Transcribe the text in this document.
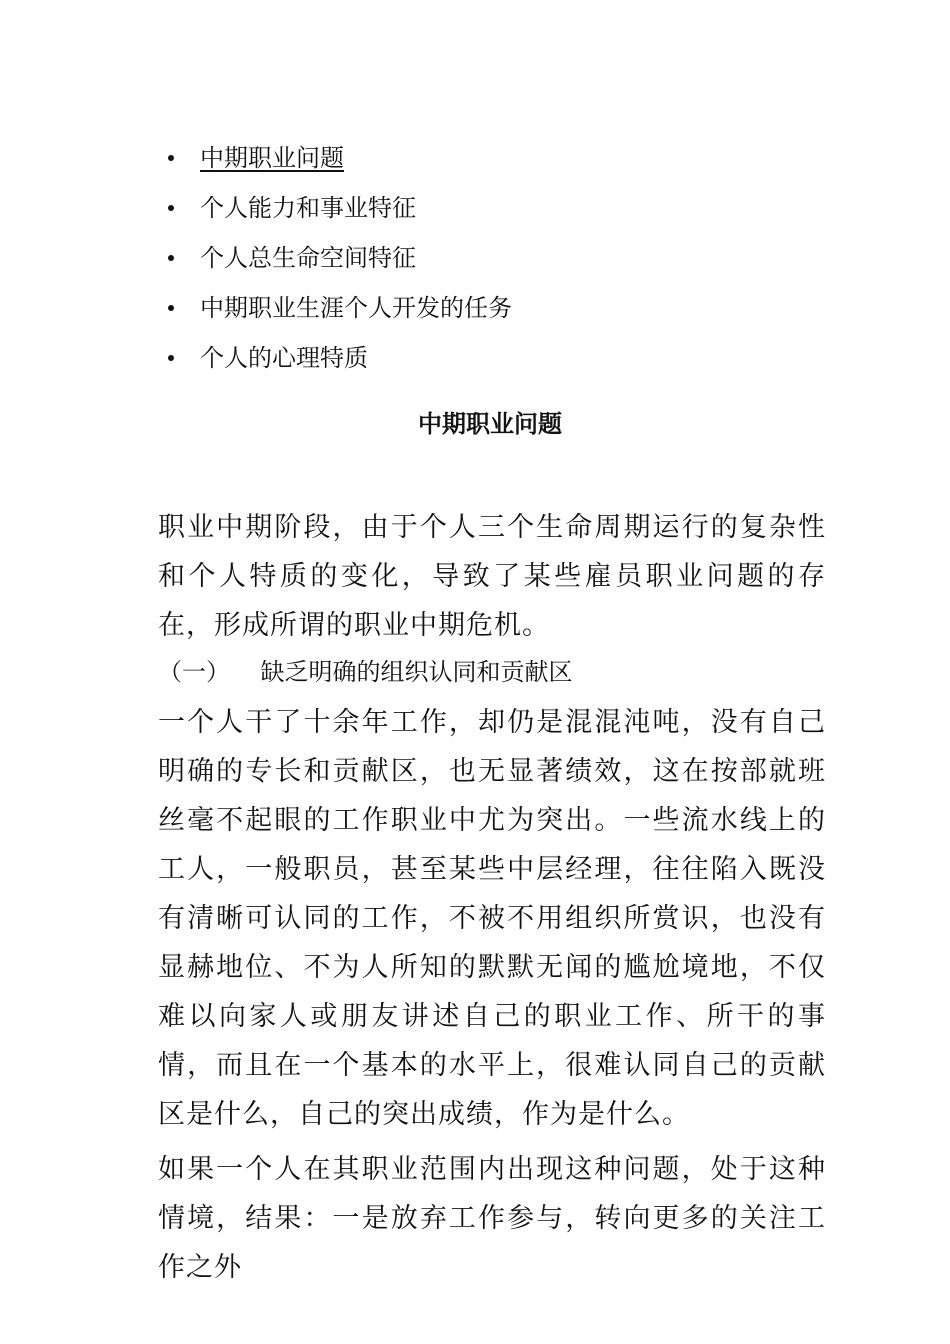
中期职业问题
个人能力和事业特征
个人总生命空间特征
中期职业生涯个人开发的任务
个人的心理特质
中期职业问题

职业中期阶段，由于个人三个生命周期运行的复杂性和个人特质的变化，导致了某些雇员职业问题的存在，形成所谓的职业中期危机。

（一）    缺乏明确的组织认同和贡献区

一个人干了十余年工作，却仍是混混沌吨，没有自己明确的专长和贡献区，也无显著绩效，这在按部就班丝毫不起眼的工作职业中尤为突出。一些流水线上的工人，一般职员，甚至某些中层经理，往往陷入既没有清晰可认同的工作，不被不用组织所赏识，也没有显赫地位、不为人所知的默默无闻的尴尬境地，不仅难以向家人或朋友讲述自己的职业工作、所干的事情，而且在一个基本的水平上，很难认同自己的贡献区是什么，自己的突出成绩，作为是什么。

如果一个人在其职业范围内出现这种问题，处于这种情境，结果：一是放弃工作参与，转向更多的关注工作之外
